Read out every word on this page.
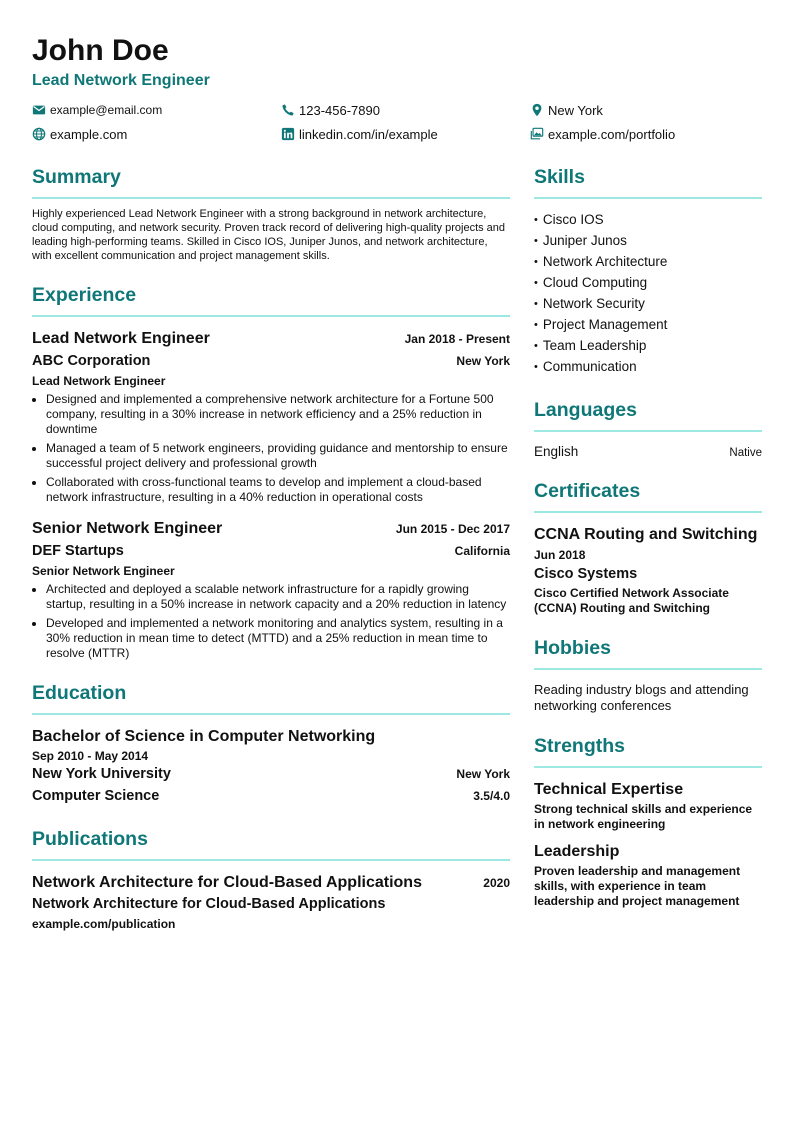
John Doe
Lead Network Engineer
example@email.com	123-456-7890	New York
example.com	linkedin.com/in/example	example.com/portfolio
Summary
Highly experienced Lead Network Engineer with a strong background in network architecture, cloud computing, and network security. Proven track record of delivering high-quality projects and leading high-performing teams. Skilled in Cisco IOS, Juniper Junos, and network architecture, with excellent communication and project management skills.
Experience
Lead Network Engineer	Jan 2018 - Present
ABC Corporation	New York
Lead Network Engineer
• Designed and implemented a comprehensive network architecture for a Fortune 500 company, resulting in a 30% increase in network efficiency and a 25% reduction in downtime
• Managed a team of 5 network engineers, providing guidance and mentorship to ensure successful project delivery and professional growth
• Collaborated with cross-functional teams to develop and implement a cloud-based network infrastructure, resulting in a 40% reduction in operational costs
Senior Network Engineer	Jun 2015 - Dec 2017
DEF Startups	California
Senior Network Engineer
• Architected and deployed a scalable network infrastructure for a rapidly growing startup, resulting in a 50% increase in network capacity and a 20% reduction in latency
• Developed and implemented a network monitoring and analytics system, resulting in a 30% reduction in mean time to detect (MTTD) and a 25% reduction in mean time to resolve (MTTR)
Education
Bachelor of Science in Computer Networking
Sep 2010 - May 2014
New York University	New York
Computer Science	3.5/4.0
Publications
Network Architecture for Cloud-Based Applications	2020
Network Architecture for Cloud-Based Applications
example.com/publication
Skills
• Cisco IOS
• Juniper Junos
• Network Architecture
• Cloud Computing
• Network Security
• Project Management
• Team Leadership
• Communication
Languages
English	Native
Certificates
CCNA Routing and Switching
Jun 2018
Cisco Systems
Cisco Certified Network Associate (CCNA) Routing and Switching
Hobbies
Reading industry blogs and attending networking conferences
Strengths
Technical Expertise
Strong technical skills and experience in network engineering
Leadership
Proven leadership and management skills, with experience in team leadership and project management
